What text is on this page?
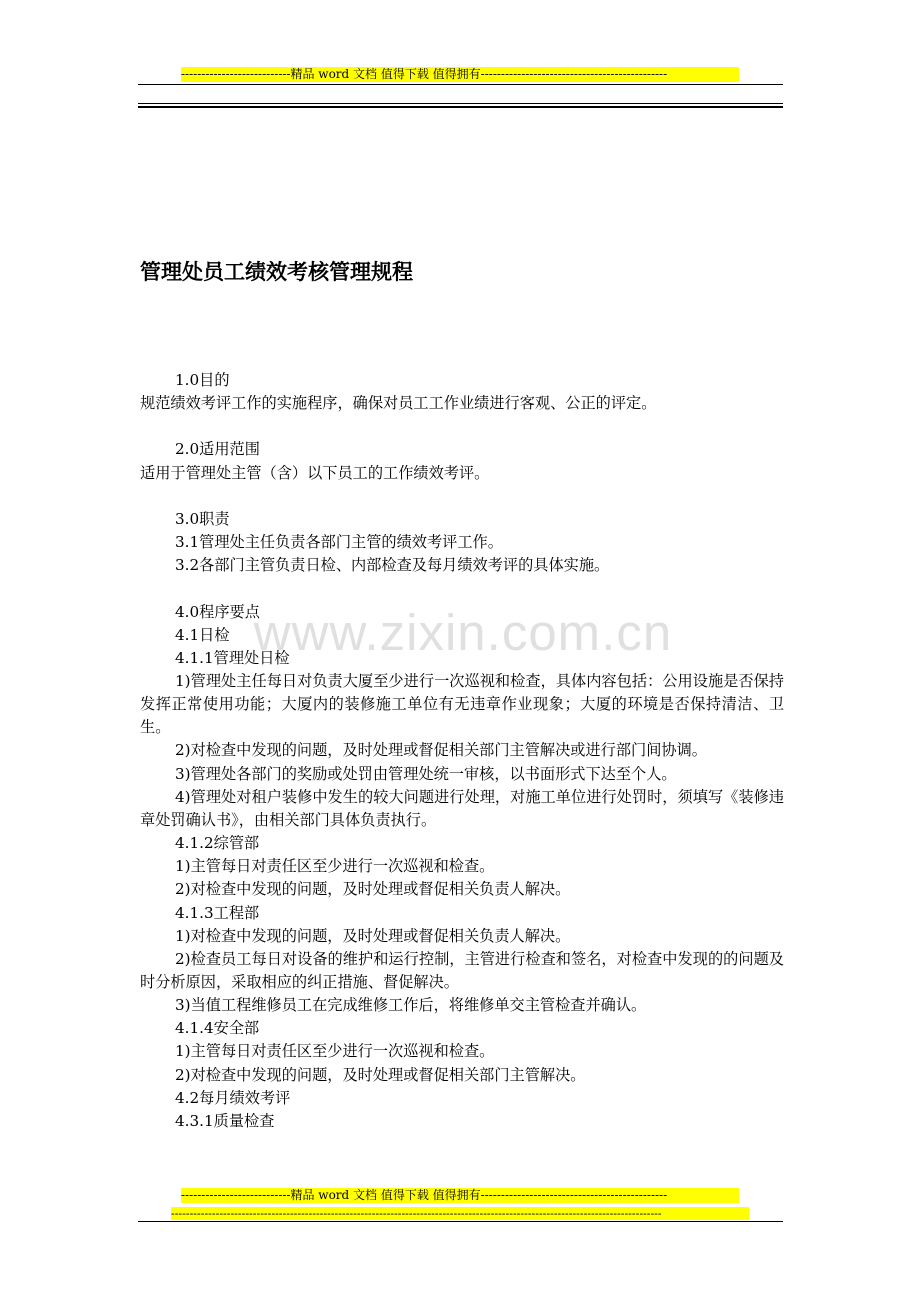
---------------------------精品 word 文档 值得下载 值得拥有----------------------------------------------
管理处员工绩效考核管理规程
www.zixin.com.cn

1.0目的

规范绩效考评工作的实施程序，确保对员工工作业绩进行客观、公正的评定。

2.0适用范围

适用于管理处主管（含）以下员工的工作绩效考评。

3.0职责

3.1管理处主任负责各部门主管的绩效考评工作。

3.2各部门主管负责日检、内部检查及每月绩效考评的具体实施。

4.0程序要点

4.1日检

4.1.1管理处日检

1)管理处主任每日对负责大厦至少进行一次巡视和检查，具体内容包括：公用设施是否保持发挥正常使用功能；大厦内的装修施工单位有无违章作业现象；大厦的环境是否保持清洁、卫生。

2)对检查中发现的问题，及时处理或督促相关部门主管解决或进行部门间协调。

3)管理处各部门的奖励或处罚由管理处统一审核，以书面形式下达至个人。

4)管理处对租户装修中发生的较大问题进行处理，对施工单位进行处罚时，须填写《装修违章处罚确认书》，由相关部门具体负责执行。

4.1.2综管部

1)主管每日对责任区至少进行一次巡视和检查。

2)对检查中发现的问题，及时处理或督促相关负责人解决。

4.1.3工程部

1)对检查中发现的问题，及时处理或督促相关负责人解决。

2)检查员工每日对设备的维护和运行控制，主管进行检查和签名，对检查中发现的的问题及时分析原因，采取相应的纠正措施、督促解决。

3)当值工程维修员工在完成维修工作后，将维修单交主管检查并确认。

4.1.4安全部

1)主管每日对责任区至少进行一次巡视和检查。

2)对检查中发现的问题，及时处理或督促相关部门主管解决。

4.2每月绩效考评

4.3.1质量检查

---------------------------精品 word 文档 值得下载 值得拥有----------------------------------------------
------------------------------------------------------------------------------------------------------------------------------------
